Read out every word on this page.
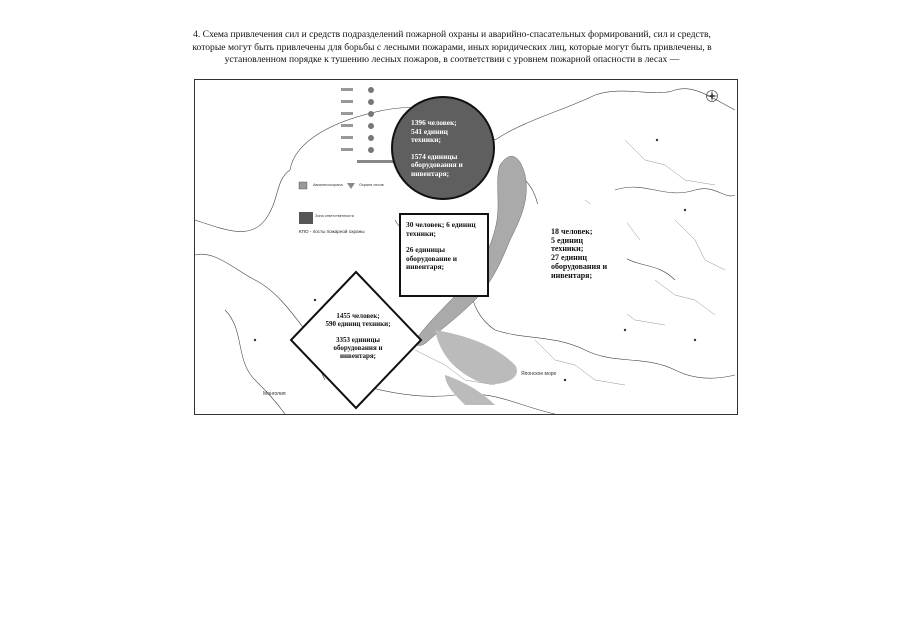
4. Схема привлечения сил и средств подразделений пожарной охраны и аварийно-спасательных формирований, сил и средств, которые могут быть привлечены для борьбы с лесными пожарами, иных юридических лиц, которые могут быть привлечены, в установленном порядке к тушению лесных пожаров, в соответствии с уровнем пожарной опасности в лесах —
КПО - посты пожарной охраны
Авиалесоохрана	Охрана лесов
Зона ответственности
Японское море
Монголия
1396 человек;
541 единиц техники;
1574 единицы оборудования и инвентаря;
30 человек; 6 единиц техники;
26 единицы оборудование и инвентаря;
18 человек;
5 единиц техники;
27 единиц оборудования и инвентаря;
1455 человек;
590 единиц техники;
3353 единицы оборудования и инвентаря;
